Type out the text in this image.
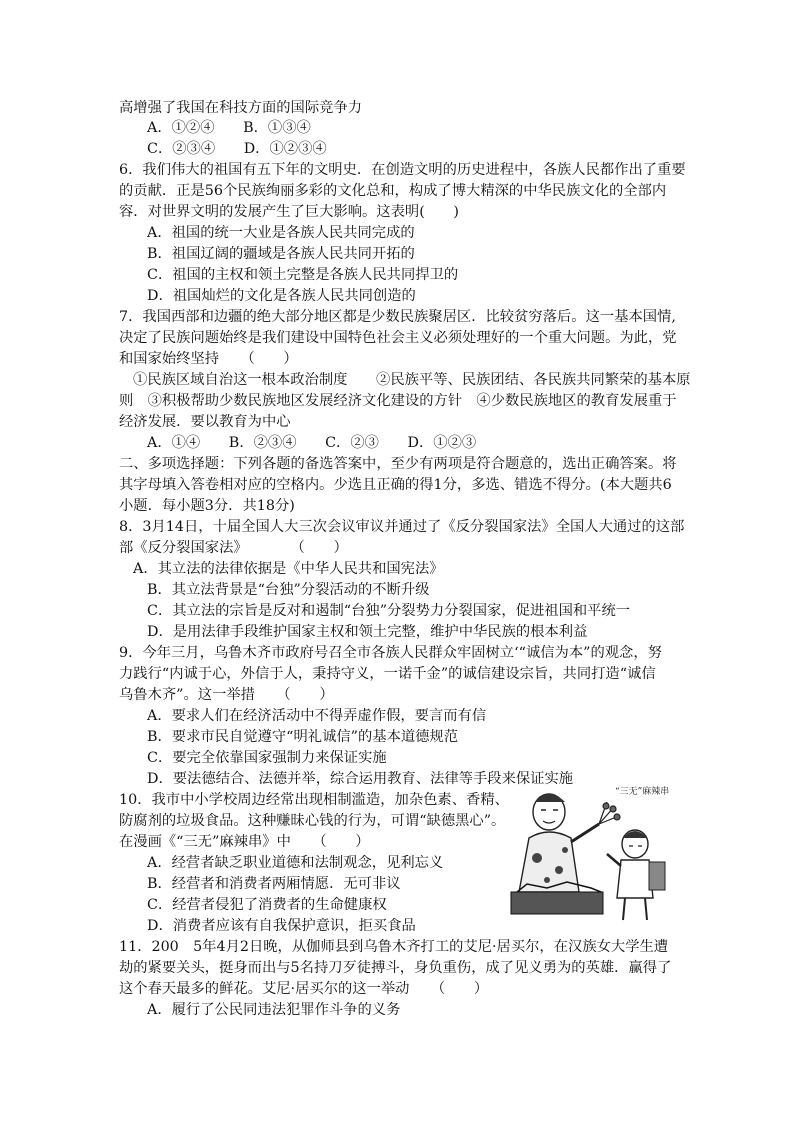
高增强了我国在科技方面的国际竞争力
A．①②④　　B．①③④
C．②③④　　D．①②③④
6．我们伟大的祖国有五下年的文明史．在创造文明的历史进程中，各族人民都作出了重要
的贡献．正是56个民族绚丽多彩的文化总和，构成了博大精深的中华民族文化的全部内
容．对世界文明的发展产生了巨大影响。这表明(　　)
A．祖国的统一大业是各族人民共同完成的
B．祖国辽阔的疆域是各族人民共同开拓的
C．祖国的主权和领土完整是各族人民共同捍卫的
D．祖国灿烂的文化是各族人民共同创造的
7．我国西部和边疆的绝大部分地区都是少数民族聚居区．比较贫穷落后。这一基本国情,
决定了民族问题始终是我们建设中国特色社会主义必须处理好的一个重大问题。为此，党
和国家始终坚持　　（　　）
①民族区域自治这一根本政治制度　　②民族平等、民族团结、各民族共同繁荣的基本原
则　③积极帮助少数民族地区发展经济文化建设的方针　④少数民族地区的教育发展重于
经济发展．要以教育为中心
A．①④　　B．②③④　　C．②③　　D．①②③
二、多项选择题：下列各题的备选答案中，至少有两项是符合题意的，选出正确答案。将
其字母填入答卷相对应的空格内。少选且正确的得1分，多选、错选不得分。(本大题共6
小题．每小题3分．共18分)
8．3月14日，十届全国人大三次会议审议并通过了《反分裂国家法》全国人大通过的这部
部《反分裂国家法》　　　　（　　）
A．其立法的法律依据是《中华人民共和国宪法》
B．其立法背景是“台独”分裂活动的不断升级
C．其立法的宗旨是反对和遏制“台独”分裂势力分裂国家，促进祖国和平统一
D．是用法律手段维护国家主权和领土完整，维护中华民族的根本利益
9．今年三月，乌鲁木齐市政府号召全市各族人民群众牢固树立‘“诚信为本”的观念，努
力践行“内诚于心，外信于人，秉持守义，一诺千金”的诚信建设宗旨，共同打造“诚信
乌鲁木齐”。这一举措　　（　　）
A．要求人们在经济活动中不得弄虚作假，要言而有信
B．要求市民自觉遵守“明礼诚信”的基本道德规范
C．要完全依靠国家强制力来保证实施
D．要法德结合、法德并举，综合运用教育、法律等手段来保证实施
10．我市中小学校周边经常出现相制滥造，加杂色素、香精、
防腐剂的垃圾食品。这种赚昧心钱的行为，可谓“缺德黑心”。
在漫画《“三无”麻辣串》中　　（　　）
A．经营者缺乏职业道德和法制观念，见利忘义
B．经营者和消费者两厢情愿．无可非议
C．经营者侵犯了消费者的生命健康权
D．消费者应该有自我保护意识，拒买食品
11．200　5年4月2日晚，从伽师县到乌鲁木齐打工的艾尼·居买尔，在汉族女大学生遭
劫的紧要关头，挺身而出与5名持刀歹徒搏斗，身负重伤，成了见义勇为的英雄．赢得了
这个春天最多的鲜花。艾尼·居买尔的这一举动　　（　　）
A．履行了公民同违法犯罪作斗争的义务
“三无”麻辣串
